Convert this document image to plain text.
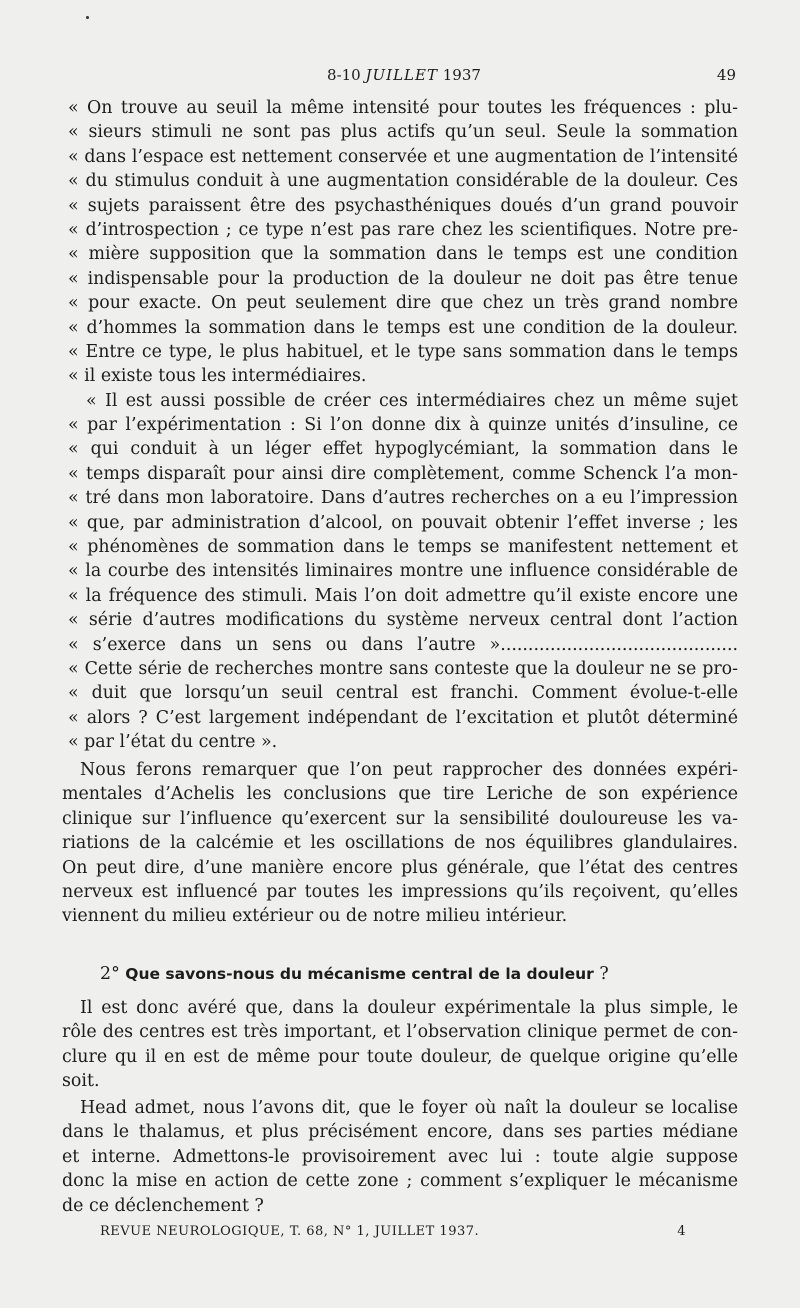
8-10 JUILLET 1937	49
« On trouve au seuil la même intensité pour toutes les fréquences : plu-
« sieurs stimuli ne sont pas plus actifs qu’un seul. Seule la sommation
« dans l’espace est nettement conservée et une augmentation de l’intensité
« du stimulus conduit à une augmentation considérable de la douleur. Ces
« sujets paraissent être des psychasthéniques doués d’un grand pouvoir
« d’introspection ; ce type n’est pas rare chez les scientifiques. Notre pre-
« mière supposition que la sommation dans le temps est une condition
« indispensable pour la production de la douleur ne doit pas être tenue
« pour exacte. On peut seulement dire que chez un très grand nombre
« d’hommes la sommation dans le temps est une condition de la douleur.
« Entre ce type, le plus habituel, et le type sans sommation dans le temps
« il existe tous les intermédiaires.
« Il est aussi possible de créer ces intermédiaires chez un même sujet
« par l’expérimentation : Si l’on donne dix à quinze unités d’insuline, ce
« qui conduit à un léger effet hypoglycémiant, la sommation dans le
« temps disparaît pour ainsi dire complètement, comme Schenck l’a mon-
« tré dans mon laboratoire. Dans d’autres recherches on a eu l’impression
« que, par administration d’alcool, on pouvait obtenir l’effet inverse ; les
« phénomènes de sommation dans le temps se manifestent nettement et
« la courbe des intensités liminaires montre une influence considérable de
« la fréquence des stimuli. Mais l’on doit admettre qu’il existe encore une
« série d’autres modifications du système nerveux central dont l’action
« s’exerce dans un sens ou dans l’autre »...........................................
« Cette série de recherches montre sans conteste que la douleur ne se pro-
« duit que lorsqu’un seuil central est franchi. Comment évolue-t-elle
« alors ? C’est largement indépendant de l’excitation et plutôt déterminé
« par l’état du centre ».
Nous ferons remarquer que l’on peut rapprocher des données expéri-
mentales d’Achelis les conclusions que tire Leriche de son expérience
clinique sur l’influence qu’exercent sur la sensibilité douloureuse les va-
riations de la calcémie et les oscillations de nos équilibres glandulaires.
On peut dire, d’une manière encore plus générale, que l’état des centres
nerveux est influencé par toutes les impressions qu’ils reçoivent, qu’elles
viennent du milieu extérieur ou de notre milieu intérieur.
2° Que savons-nous du mécanisme central de la douleur ?
Il est donc avéré que, dans la douleur expérimentale la plus simple, le
rôle des centres est très important, et l’observation clinique permet de con-
clure qu il en est de même pour toute douleur, de quelque origine qu’elle
soit.
Head admet, nous l’avons dit, que le foyer où naît la douleur se localise
dans le thalamus, et plus précisément encore, dans ses parties médiane
et interne. Admettons-le provisoirement avec lui : toute algie suppose
donc la mise en action de cette zone ; comment s’expliquer le mécanisme
de ce déclenchement ?
REVUE NEUROLOGIQUE, T. 68, N° 1, JUILLET 1937.	4
